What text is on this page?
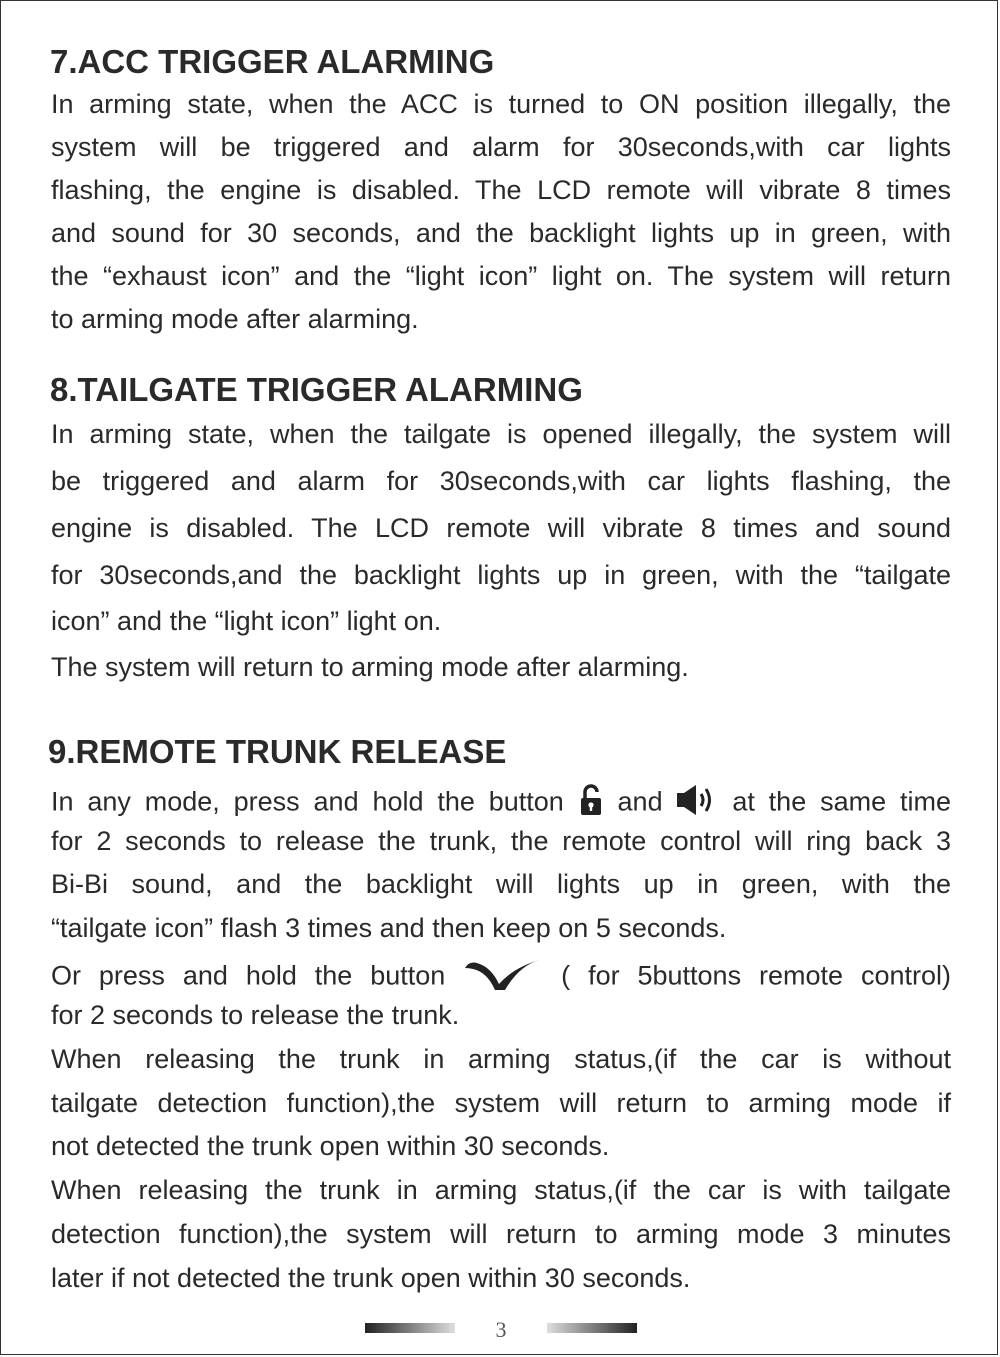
7.ACC TRIGGER ALARMING

In arming state, when the ACC is turned to ON position illegally, the

system will be triggered and alarm for 30seconds,with car lights

flashing, the engine is disabled. The LCD remote will vibrate 8 times

and sound for 30 seconds, and the backlight lights up in green, with

the “exhaust icon” and the “light icon” light on. The system will return

to arming mode after alarming.

8.TAILGATE TRIGGER ALARMING

In arming state, when the tailgate is opened illegally, the system will

be triggered and alarm for 30seconds,with car lights flashing, the

engine is disabled. The LCD remote will vibrate 8 times and sound

for 30seconds,and the backlight lights up in green, with the “tailgate

icon” and the “light icon” light on.

The system will return to arming mode after alarming.

9.REMOTE TRUNK RELEASE

In any mode, press and hold the button and	at the same time

for 2 seconds to release the trunk, the remote control will ring back 3

Bi-Bi sound, and the backlight will lights up in green, with the

“tailgate icon” flash 3 times and then keep on 5 seconds.

Or press and hold the button	( for 5buttons remote control)

for 2 seconds to release the trunk.

When releasing the trunk in arming status,(if the car is without

tailgate detection function),the system will return to arming mode if

not detected the trunk open within 30 seconds.

When releasing the trunk in arming status,(if the car is with tailgate

detection function),the system will return to arming mode 3 minutes

later if not detected the trunk open within 30 seconds.

3
